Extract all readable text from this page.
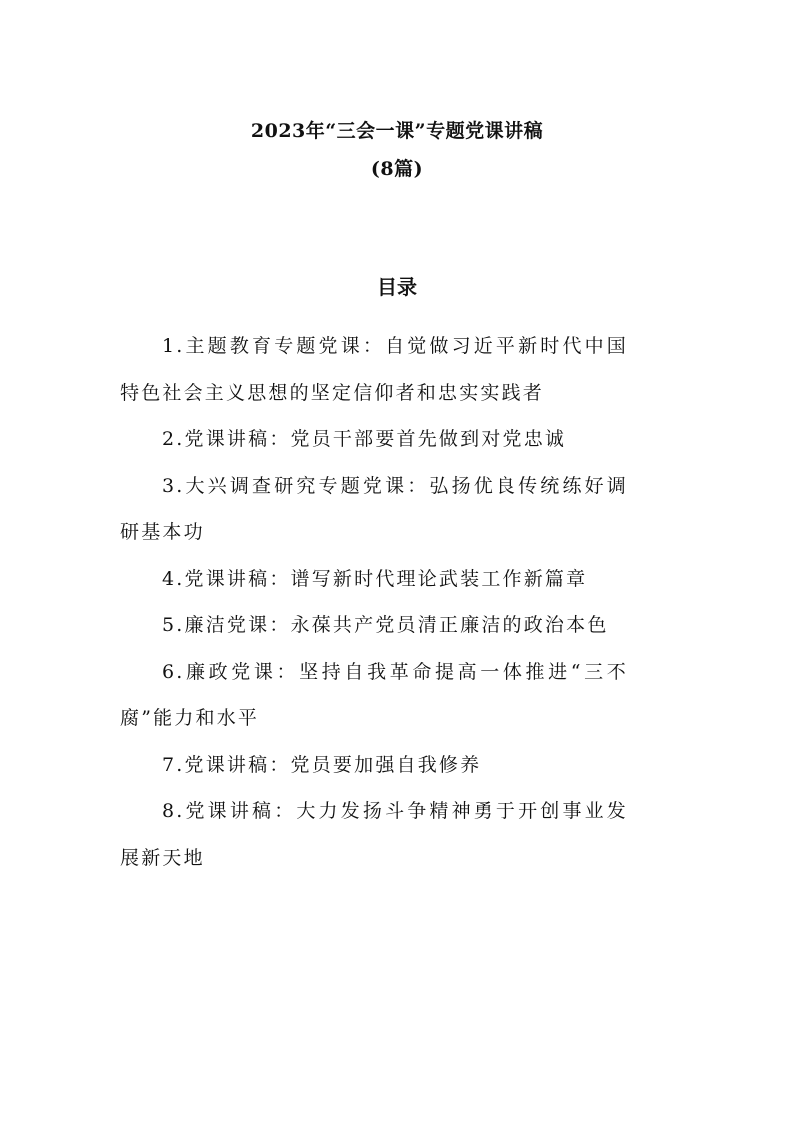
2023年“三会一课”专题党课讲稿
(8篇)
目录
1.主题教育专题党课：自觉做习近平新时代中国特色社会主义思想的坚定信仰者和忠实实践者
2.党课讲稿：党员干部要首先做到对党忠诚
3.大兴调查研究专题党课：弘扬优良传统练好调研基本功
4.党课讲稿：谱写新时代理论武装工作新篇章
5.廉洁党课：永葆共产党员清正廉洁的政治本色
6.廉政党课：坚持自我革命提高一体推进“三不腐”能力和水平
7.党课讲稿：党员要加强自我修养
8.党课讲稿：大力发扬斗争精神勇于开创事业发展新天地
